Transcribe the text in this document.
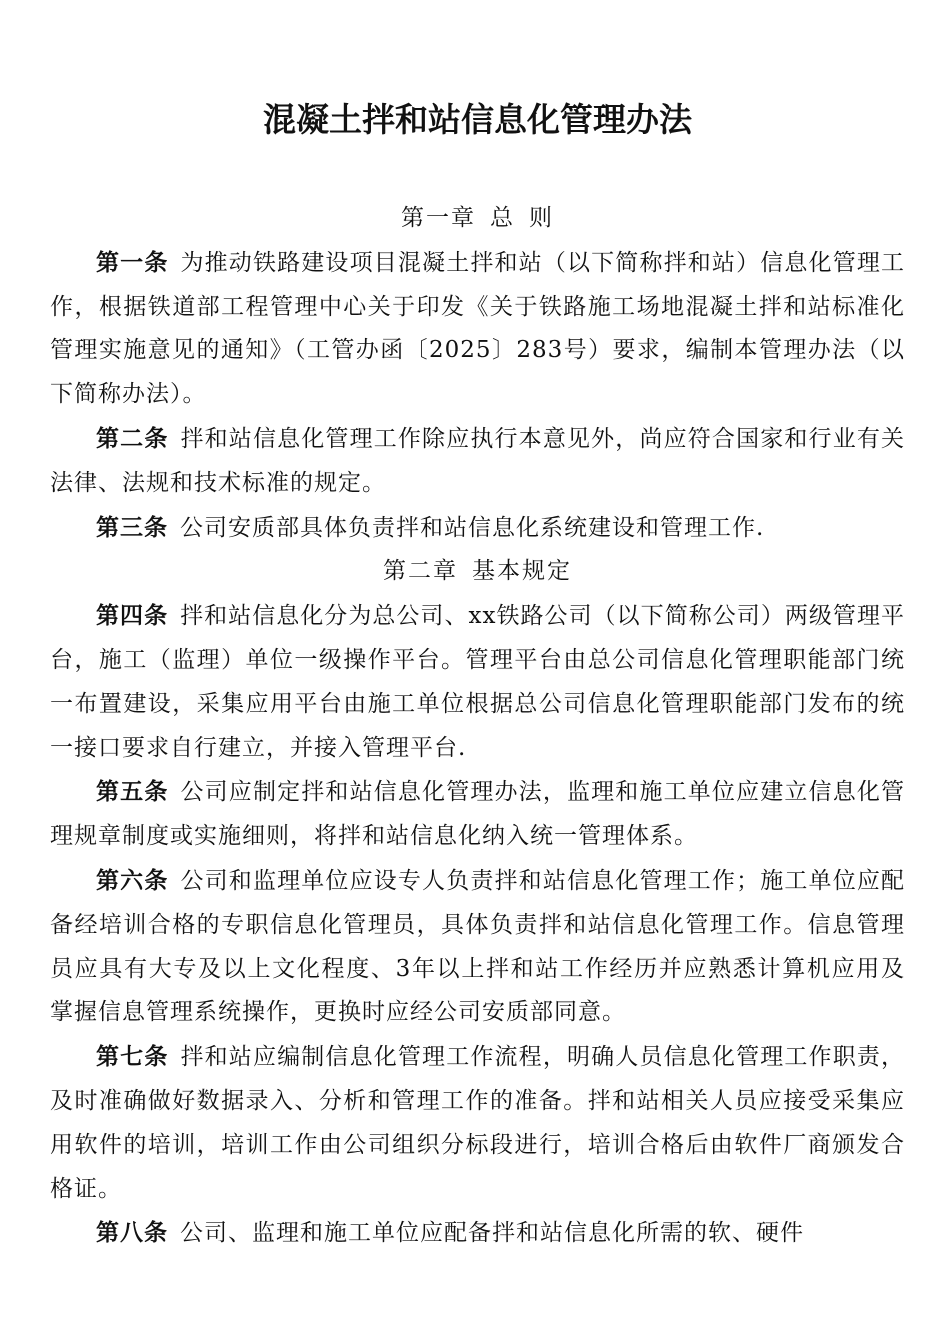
混凝土拌和站信息化管理办法

第一章 总 则

第一条 为推动铁路建设项目混凝土拌和站（以下简称拌和站）信息化管理工作，根据铁道部工程管理中心关于印发《关于铁路施工场地混凝土拌和站标准化管理实施意见的通知》（工管办函〔2025〕283号）要求，编制本管理办法（以下简称办法）。

第二条 拌和站信息化管理工作除应执行本意见外，尚应符合国家和行业有关法律、法规和技术标准的规定。

第三条 公司安质部具体负责拌和站信息化系统建设和管理工作.

第二章 基本规定

第四条 拌和站信息化分为总公司、xx铁路公司（以下简称公司）两级管理平台，施工（监理）单位一级操作平台。管理平台由总公司信息化管理职能部门统一布置建设，采集应用平台由施工单位根据总公司信息化管理职能部门发布的统一接口要求自行建立，并接入管理平台.

第五条 公司应制定拌和站信息化管理办法，监理和施工单位应建立信息化管理规章制度或实施细则，将拌和站信息化纳入统一管理体系。

第六条 公司和监理单位应设专人负责拌和站信息化管理工作；施工单位应配备经培训合格的专职信息化管理员，具体负责拌和站信息化管理工作。信息管理员应具有大专及以上文化程度、3年以上拌和站工作经历并应熟悉计算机应用及掌握信息管理系统操作，更换时应经公司安质部同意。

第七条 拌和站应编制信息化管理工作流程，明确人员信息化管理工作职责，及时准确做好数据录入、分析和管理工作的准备。拌和站相关人员应接受采集应用软件的培训，培训工作由公司组织分标段进行，培训合格后由软件厂商颁发合格证。

第八条 公司、监理和施工单位应配备拌和站信息化所需的软、硬件
